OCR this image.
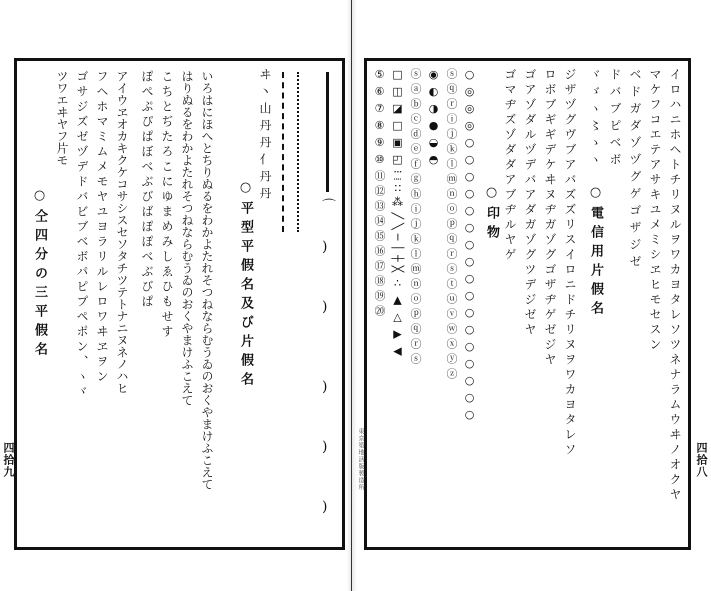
四拾九
○仝四分の三平假名
ツワエヰヤフ片モ ゴサジズゼヅデドバビブベボパピプペポン、ヽヾ フヘホマミムメモヤユヨラリルレロワヰヱヲン アイウヱオカキクケコサシスセソタチツテトナニヌネノハヒ ぽぺぷぴぱぼべぶびばぽぽべぶびぱ こちとぢたろこにゆまめみしゑひもせす はりぬるをわかよたれそつねならむうゐのおくやまけふこえて いろはにほへとちりぬるをわかよたれそつねならむうゐのおくやまけふこえて ○平型平假名及び片假名
ヰ丶山丹丹亻丹丹
⌒
)
)
)
)
)
四拾八
東京築地活版製造所	イロハニホヘトチリヌルヲワカヨタレソツネナラムウヰノオクヤ
マケフコエテアサキユメミシヱヒモセスン
ベドガダゾヅグゲゴザジゼ
ドバブピベボ
ヾゞヽ〻ゝヽ
○電信用片假名
ジザヅグヴブアバズズリスイロニドチリヌヲワカヨタレソ
ロボブギギデケヰヌヂガゾグゴザヂゲゼジヤ
ゴアゾダルヅデバアダガゾグツデジゼヤ
ゴマヂズゾダダアブヂルヤゲ
○印物
○◎◎◎○○○○○○○○○○○○○○○○○
ⓢⓠⓡⓘⓙⓚⓛⓜⓝⓞⓟⓠⓡⓢⓣⓤⓥⓦⓧⓨⓩ
◉◐◑●◒◓
ⓢⓐⓑⓒⓓⓔⓕⓖⓗⓘⓙⓚⓛⓜⓝⓞⓟⓠⓡⓢ
□◫◪□▣◰⁝⁞∷⁂╱╲─│┼╳∴▲△▶◀
⑤⑥⑦⑧⑨⑩⑪⑫⑬⑭⑮⑯⑰⑱⑲⑳
